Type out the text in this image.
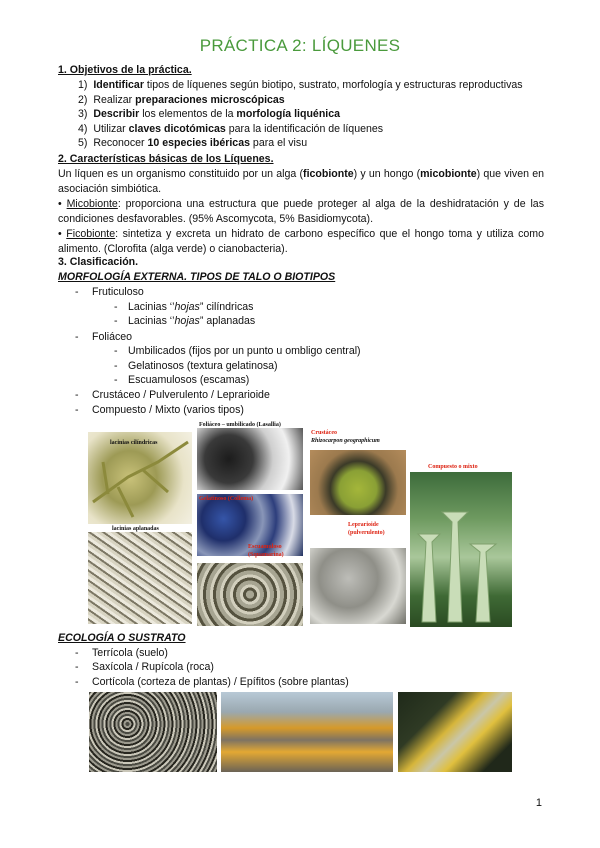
PRÁCTICA 2: LÍQUENES
1. Objetivos de la práctica.
1) Identificar tipos de líquenes según biotipo, sustrato, morfología y estructuras reproductivas
2) Realizar preparaciones microscópicas
3) Describir los elementos de la morfología liquénica
4) Utilizar claves dicotómicas para la identificación de líquenes
5) Reconocer 10 especies ibéricas para el visu
2. Características básicas de los Líquenes.
Un líquen es un organismo constituido por un alga (ficobionte) y un hongo (micobionte) que viven en asociación simbiótica.
• Micobionte: proporciona una estructura que puede proteger al alga de la deshidratación y de las condiciones desfavorables. (95% Ascomycota, 5% Basidiomycota).
• Ficobionte: sintetiza y excreta un hidrato de carbono específico que el hongo toma y utiliza como alimento. (Clorofita (alga verde) o cianobacteria).
3. Clasificación.
MORFOLOGÍA EXTERNA. TIPOS DE TALO O BIOTIPOS
- Fruticuloso
- Lacinias ‘’hojas” cilíndricas
- Lacinias ‘’hojas” aplanadas
- Foliáceo
- Umbilicados (fijos por un punto u ombligo central)
- Gelatinosos (textura gelatinosa)
- Escuamulosos (escamas)
- Crustáceo / Pulverulento / Leprarioide
- Compuesto / Mixto (varios tipos)
lacinias cilíndricas
lacinias aplanadas
Foliáceo – umbilicado (Lasallia)
Gelatinoso (Collema)
Escuamuloso
(Squamarina)
Crustáceo
Rhizocarpon geographicum
Leprarioide
(pulverulento)
Compuesto o mixto
ECOLOGÍA O SUSTRATO
- Terrícola (suelo)
- Saxícola / Rupícola (roca)
- Cortícola (corteza de plantas) / Epífitos (sobre plantas)
1
